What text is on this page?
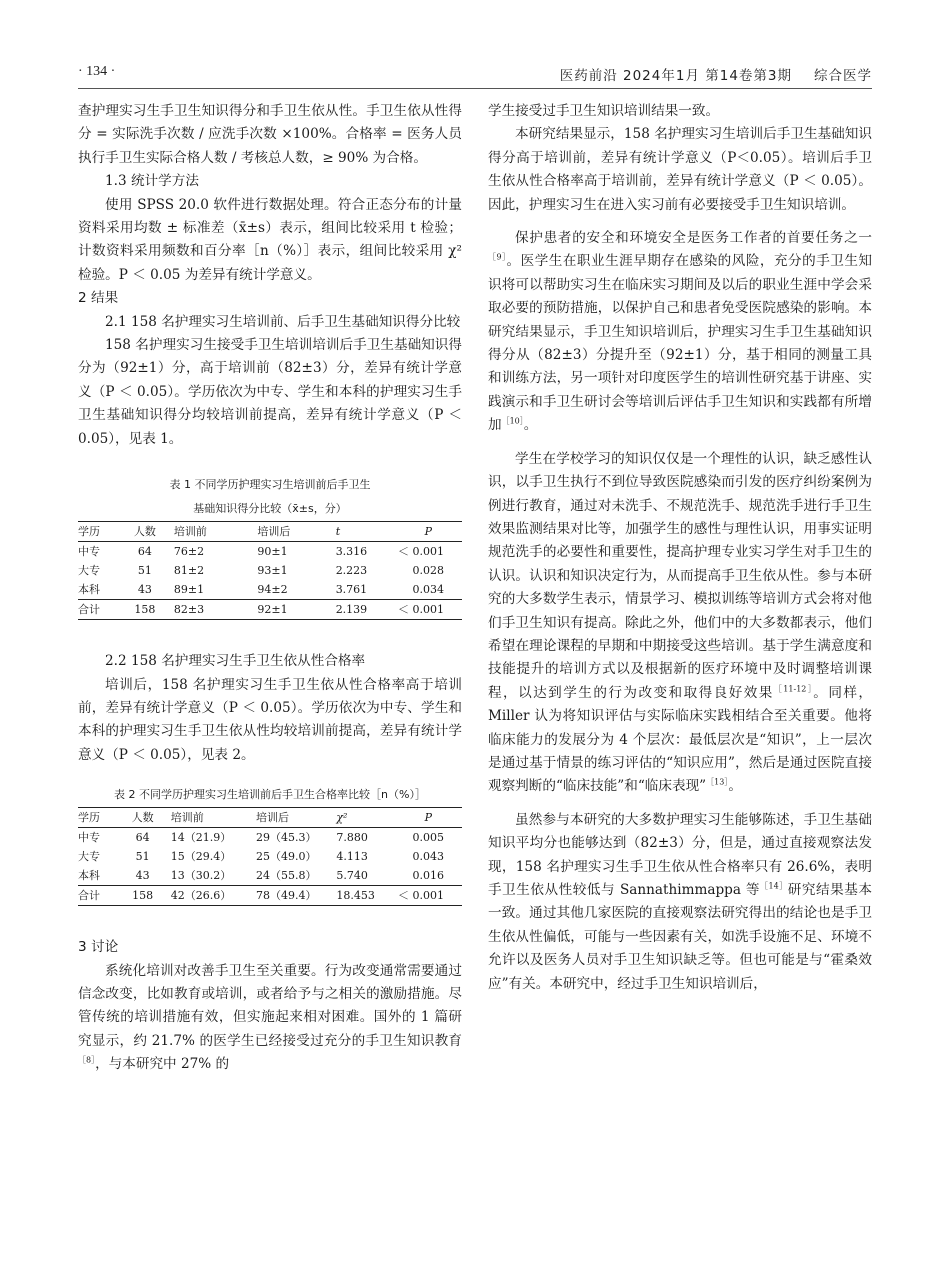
· 134 ·	医药前沿 2024年1月 第14卷第3期 综合医学

查护理实习生手卫生知识得分和手卫生依从性。手卫生依从性得分 = 实际洗手次数 / 应洗手次数 ×100%。合格率 = 医务人员执行手卫生实际合格人数 / 考核总人数，≥ 90% 为合格。

1.3 统计学方法

使用 SPSS 20.0 软件进行数据处理。符合正态分布的计量资料采用均数 ± 标准差（x̄±s）表示，组间比较采用 t 检验；计数资料采用频数和百分率［n（%）］表示，组间比较采用 χ² 检验。P ＜ 0.05 为差异有统计学意义。

2 结果

2.1 158 名护理实习生培训前、后手卫生基础知识得分比较

158 名护理实习生接受手卫生培训培训后手卫生基础知识得分为（92±1）分，高于培训前（82±3）分，差异有统计学意义（P ＜ 0.05）。学历依次为中专、学生和本科的护理实习生手卫生基础知识得分均较培训前提高，差异有统计学意义（P ＜ 0.05），见表 1。

表 1 不同学历护理实习生培训前后手卫生
基础知识得分比较（x̄±s，分）
学历	人数	培训前	培训后	t	P
中专	64	76±2	90±1	3.316	＜ 0.001
大专	51	81±2	93±1	2.223	0.028
本科	43	89±1	94±2	3.761	0.034
合计	158	82±3	92±1	2.139	＜ 0.001

2.2 158 名护理实习生手卫生依从性合格率

培训后，158 名护理实习生手卫生依从性合格率高于培训前，差异有统计学意义（P ＜ 0.05）。学历依次为中专、学生和本科的护理实习生手卫生依从性均较培训前提高，差异有统计学意义（P ＜ 0.05），见表 2。

表 2 不同学历护理实习生培训前后手卫生合格率比较［n（%）］
学历	人数	培训前	培训后	χ²	P
中专	64	14（21.9）	29（45.3）	7.880	0.005
大专	51	15（29.4）	25（49.0）	4.113	0.043
本科	43	13（30.2）	24（55.8）	5.740	0.016
合计	158	42（26.6）	78（49.4）	18.453	＜ 0.001

3 讨论

系统化培训对改善手卫生至关重要。行为改变通常需要通过信念改变，比如教育或培训，或者给予与之相关的激励措施。尽管传统的培训措施有效，但实施起来相对困难。国外的 1 篇研究显示，约 21.7% 的医学生已经接受过充分的手卫生知识教育$^{[8]}$，与本研究中 27% 的

学生接受过手卫生知识培训结果一致。

本研究结果显示，158 名护理实习生培训后手卫生基础知识得分高于培训前，差异有统计学意义（P＜0.05）。培训后手卫生依从性合格率高于培训前，差异有统计学意义（P ＜ 0.05）。因此，护理实习生在进入实习前有必要接受手卫生知识培训。

保护患者的安全和环境安全是医务工作者的首要任务之一$^{[9]}$。医学生在职业生涯早期存在感染的风险，充分的手卫生知识将可以帮助实习生在临床实习期间及以后的职业生涯中学会采取必要的预防措施，以保护自己和患者免受医院感染的影响。本研究结果显示，手卫生知识培训后，护理实习生手卫生基础知识得分从（82±3）分提升至（92±1）分，基于相同的测量工具和训练方法，另一项针对印度医学生的培训性研究基于讲座、实践演示和手卫生研讨会等培训后评估手卫生知识和实践都有所增加$^{[10]}$。

学生在学校学习的知识仅仅是一个理性的认识，缺乏感性认识，以手卫生执行不到位导致医院感染而引发的医疗纠纷案例为例进行教育，通过对未洗手、不规范洗手、规范洗手进行手卫生效果监测结果对比等，加强学生的感性与理性认识，用事实证明规范洗手的必要性和重要性，提高护理专业实习学生对手卫生的认识。认识和知识决定行为，从而提高手卫生依从性。参与本研究的大多数学生表示，情景学习、模拟训练等培训方式会将对他们手卫生知识有提高。除此之外，他们中的大多数都表示，他们希望在理论课程的早期和中期接受这些培训。基于学生满意度和技能提升的培训方式以及根据新的医疗环境中及时调整培训课程，以达到学生的行为改变和取得良好效果$^{[11-12]}$。同样，Miller 认为将知识评估与实际临床实践相结合至关重要。他将临床能力的发展分为 4 个层次：最低层次是“知识”，上一层次是通过基于情景的练习评估的“知识应用”，然后是通过医院直接观察判断的“临床技能”和“临床表现”$^{[13]}$。

虽然参与本研究的大多数护理实习生能够陈述，手卫生基础知识平均分也能够达到（82±3）分，但是，通过直接观察法发现，158 名护理实习生手卫生依从性合格率只有 26.6%，表明手卫生依从性较低与 Sannathimmappa 等$^{[14]}$研究结果基本一致。通过其他几家医院的直接观察法研究得出的结论也是手卫生依从性偏低，可能与一些因素有关，如洗手设施不足、环境不允许以及医务人员对手卫生知识缺乏等。但也可能是与“霍桑效应”有关。本研究中，经过手卫生知识培训后，
